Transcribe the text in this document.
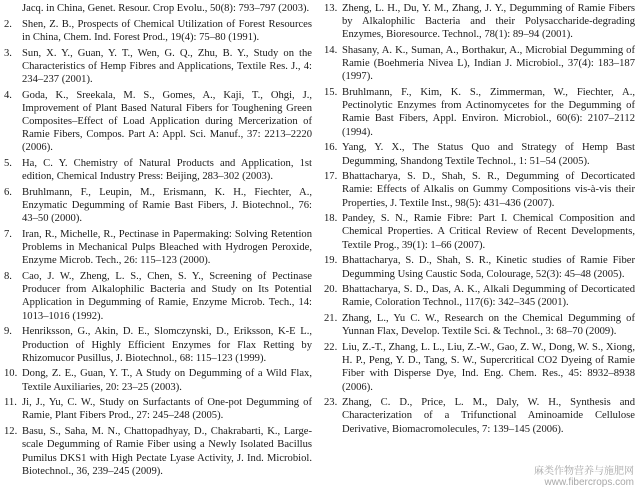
Jacq. in China, Genet. Resour. Crop Evolu., 50(8): 793–797 (2003).
2. Shen, Z. B., Prospects of Chemical Utilization of Forest Resources in China, Chem. Ind. Forest Prod., 19(4): 75–80 (1991).
3. Sun, X. Y., Guan, Y. T., Wen, G. Q., Zhu, B. Y., Study on the Characteristics of Hemp Fibres and Applications, Textile Res. J., 4: 234–237 (2001).
4. Goda, K., Sreekala, M. S., Gomes, A., Kaji, T., Ohgi, J., Improvement of Plant Based Natural Fibers for Toughening Green Composites–Effect of Load Application during Mercerization of Ramie Fibers, Compos. Part A: Appl. Sci. Manuf., 37: 2213–2220 (2006).
5. Ha, C. Y. Chemistry of Natural Products and Application, 1st edition, Chemical Industry Press: Beijing, 283–302 (2003).
6. Bruhlmann, F., Leupin, M., Erismann, K. H., Fiechter, A., Enzymatic Degumming of Ramie Bast Fibers, J. Biotechnol., 76: 43–50 (2000).
7. Iran, R., Michelle, R., Pectinase in Papermaking: Solving Retention Problems in Mechanical Pulps Bleached with Hydrogen Peroxide, Enzyme Microb. Tech., 26: 115–123 (2000).
8. Cao, J. W., Zheng, L. S., Chen, S. Y., Screening of Pectinase Producer from Alkalophilic Bacteria and Study on Its Potential Application in Degumming of Ramie, Enzyme Microb. Tech., 14: 1013–1016 (1992).
9. Henriksson, G., Akin, D. E., Slomczynski, D., Eriksson, K-E L., Production of Highly Efficient Enzymes for Flax Retting by Rhizomucor Pusillus, J. Biotechnol., 68: 115–123 (1999).
10. Dong, Z. E., Guan, Y. T., A Study on Degumming of a Wild Flax, Textile Auxiliaries, 20: 23–25 (2003).
11. Ji, J., Yu, C. W., Study on Surfactants of One-pot Degumming of Ramie, Plant Fibers Prod., 27: 245–248 (2005).
12. Basu, S., Saha, M. N., Chattopadhyay, D., Chakrabarti, K., Large-scale Degumming of Ramie Fiber using a Newly Isolated Bacillus Pumilus DKS1 with High Pectate Lyase Activity, J. Ind. Microbiol. Biotechnol., 36, 239–245 (2009).
13. Zheng, L. H., Du, Y. M., Zhang, J. Y., Degumming of Ramie Fibers by Alkalophilic Bacteria and their Polysaccharide-degrading Enzymes, Bioresource. Technol., 78(1): 89–94 (2001).
14. Shasany, A. K., Suman, A., Borthakur, A., Microbial Degumming of Ramie (Boehmeria Nivea L), Indian J. Microbiol., 37(4): 183–187 (1997).
15. Bruhlmann, F., Kim, K. S., Zimmerman, W., Fiechter, A., Pectinolytic Enzymes from Actinomycetes for the Degumming of Ramie Bast Fibers, Appl. Environ. Microbiol., 60(6): 2107–2112 (1994).
16. Yang, Y. X., The Status Quo and Strategy of Hemp Bast Degumming, Shandong Textile Technol., 1: 51–54 (2005).
17. Bhattacharya, S. D., Shah, S. R., Degumming of Decorticated Ramie: Effects of Alkalis on Gummy Compositions vis-à-vis their Properties, J. Textile Inst., 98(5): 431–436 (2007).
18. Pandey, S. N., Ramie Fibre: Part I. Chemical Composition and Chemical Properties. A Critical Review of Recent Developments, Textile Prog., 39(1): 1–66 (2007).
19. Bhattacharya, S. D., Shah, S. R., Kinetic studies of Ramie Fiber Degumming Using Caustic Soda, Colourage, 52(3): 45–48 (2005).
20. Bhattacharya, S. D., Das, A. K., Alkali Degumming of Decorticated Ramie, Coloration Technol., 117(6): 342–345 (2001).
21. Zhang, L., Yu C. W., Research on the Chemical Degumming of Yunnan Flax, Develop. Textile Sci. & Technol., 3: 68–70 (2009).
22. Liu, Z.-T., Zhang, L. L., Liu, Z.-W., Gao, Z. W., Dong, W. S., Xiong, H. P., Peng, Y. D., Tang, S. W., Supercritical CO2 Dyeing of Ramie Fiber with Disperse Dye, Ind. Eng. Chem. Res., 45: 8932–8938 (2006).
23. Zhang, C. D., Price, L. M., Daly, W. H., Synthesis and Characterization of a Trifunctional Aminoamide Cellulose Derivative, Biomacromolecules, 7: 139–145 (2006).
麻类作物营养与施肥网
www.fibercrops.com
